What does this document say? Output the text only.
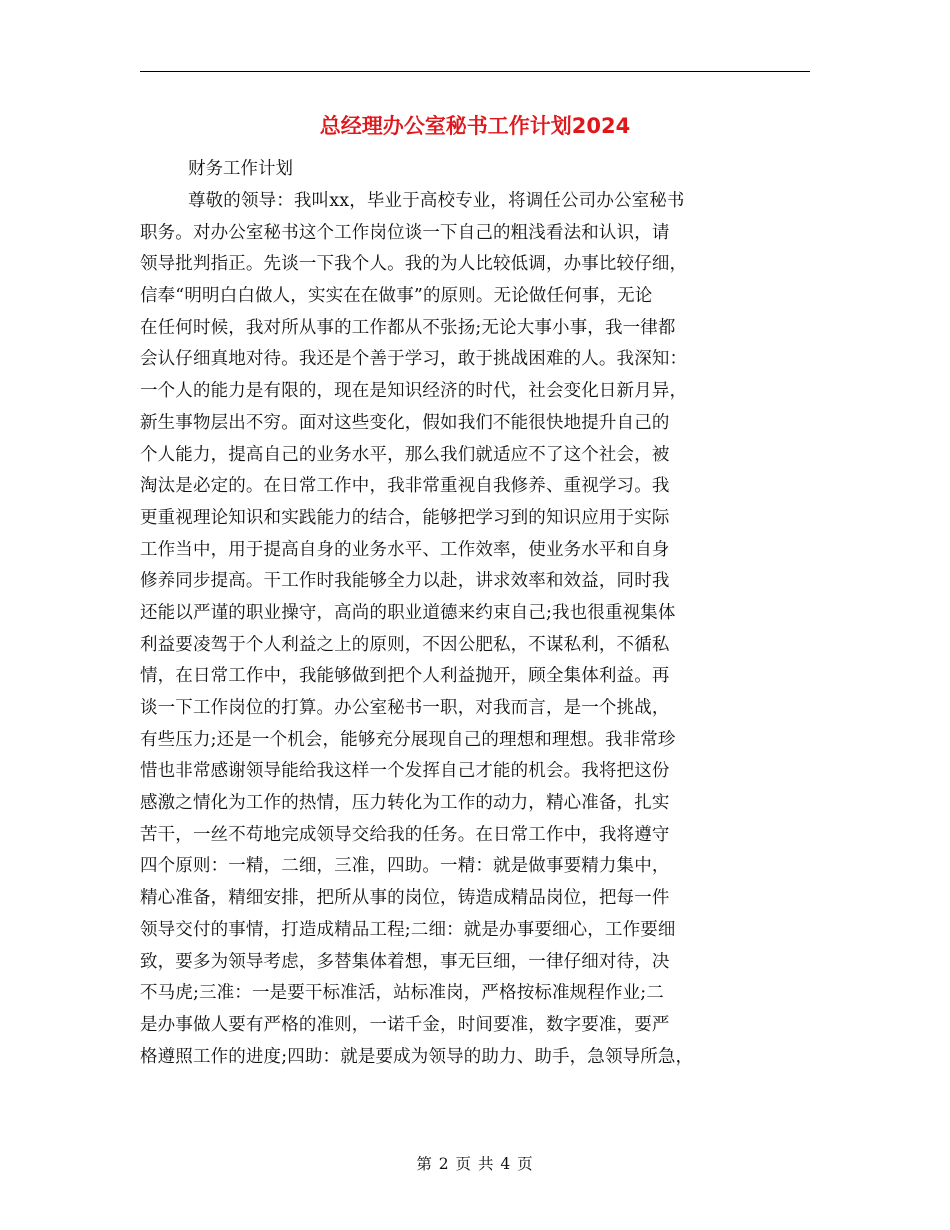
总经理办公室秘书工作计划2024

财务工作计划

尊敬的领导：我叫xx，毕业于高校专业，将调任公司办公室秘书
职务。对办公室秘书这个工作岗位谈一下自己的粗浅看法和认识，请
领导批判指正。先谈一下我个人。我的为人比较低调，办事比较仔细，
信奉“明明白白做人，实实在在做事”的原则。无论做任何事，无论
在任何时候，我对所从事的工作都从不张扬;无论大事小事，我一律都
会认仔细真地对待。我还是个善于学习，敢于挑战困难的人。我深知：
一个人的能力是有限的，现在是知识经济的时代，社会变化日新月异，
新生事物层出不穷。面对这些变化，假如我们不能很快地提升自己的
个人能力，提高自己的业务水平，那么我们就适应不了这个社会，被
淘汰是必定的。在日常工作中，我非常重视自我修养、重视学习。我
更重视理论知识和实践能力的结合，能够把学习到的知识应用于实际
工作当中，用于提高自身的业务水平、工作效率，使业务水平和自身
修养同步提高。干工作时我能够全力以赴，讲求效率和效益，同时我
还能以严谨的职业操守，高尚的职业道德来约束自己;我也很重视集体
利益要凌驾于个人利益之上的原则，不因公肥私，不谋私利，不循私
情，在日常工作中，我能够做到把个人利益抛开，顾全集体利益。再
谈一下工作岗位的打算。办公室秘书一职，对我而言，是一个挑战，
有些压力;还是一个机会，能够充分展现自己的理想和理想。我非常珍
惜也非常感谢领导能给我这样一个发挥自己才能的机会。我将把这份
感激之情化为工作的热情，压力转化为工作的动力，精心准备，扎实
苦干，一丝不苟地完成领导交给我的任务。在日常工作中，我将遵守
四个原则：一精，二细，三准，四助。一精：就是做事要精力集中，
精心准备，精细安排，把所从事的岗位，铸造成精品岗位，把每一件
领导交付的事情，打造成精品工程;二细：就是办事要细心，工作要细
致，要多为领导考虑，多替集体着想，事无巨细，一律仔细对待，决
不马虎;三准：一是要干标准活，站标准岗，严格按标准规程作业;二
是办事做人要有严格的准则，一诺千金，时间要准，数字要准，要严
格遵照工作的进度;四助：就是要成为领导的助力、助手，急领导所急，
第 2 页 共 4 页
